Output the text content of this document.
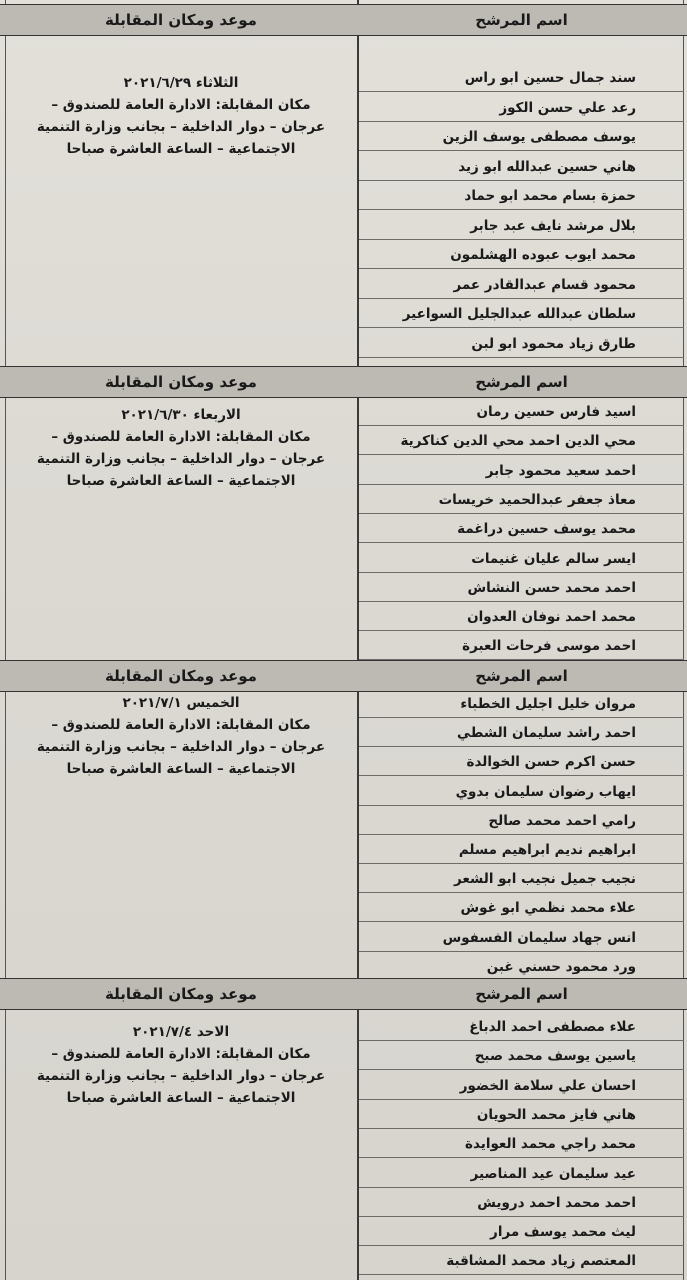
اسم المرشح
موعد ومكان المقابلة
سند جمال حسين ابو راس
رعد علي حسن الكوز
يوسف مصطفى يوسف الزين
هاني حسين عبدالله ابو زيد
حمزة بسام محمد ابو حماد
بلال مرشد نايف عبد جابر
محمد ايوب عبوده الهشلمون
محمود قسام عبدالقادر عمر
سلطان عبدالله عبدالجليل السواعير
طارق زياد محمود ابو لبن
الثلاثاء ٢٠٢١/٦/٢٩
مكان المقابلة: الادارة العامة للصندوق –
عرجان – دوار الداخلية – بجانب وزارة التنمية
الاجتماعية – الساعة العاشرة صباحا
اسم المرشح
موعد ومكان المقابلة
اسيد فارس حسين رمان
محي الدين احمد محي الدين كناكرية
احمد سعيد محمود جابر
معاذ جعفر عبدالحميد خريسات
محمد يوسف حسين دراغمة
ايسر سالم عليان غنيمات
احمد محمد حسن النشاش
محمد احمد نوفان العدوان
احمد موسى فرحات العبرة
الاربعاء ٢٠٢١/٦/٣٠
مكان المقابلة: الادارة العامة للصندوق –
عرجان – دوار الداخلية – بجانب وزارة التنمية
الاجتماعية – الساعة العاشرة صباحا
اسم المرشح
موعد ومكان المقابلة
مروان خليل اجليل الخطباء
احمد راشد سليمان الشطي
حسن اكرم حسن الخوالدة
ايهاب رضوان سليمان بدوي
رامي احمد محمد صالح
ابراهيم نديم ابراهيم مسلم
نجيب جميل نجيب ابو الشعر
علاء محمد نظمي ابو غوش
انس جهاد سليمان الفسفوس
ورد محمود حسني غبن
الخميس ٢٠٢١/٧/١
مكان المقابلة: الادارة العامة للصندوق –
عرجان – دوار الداخلية – بجانب وزارة التنمية
الاجتماعية – الساعة العاشرة صباحا
اسم المرشح
موعد ومكان المقابلة
علاء مصطفى احمد الدباغ
ياسين يوسف محمد صبح
احسان علي سلامة الخضور
هاني فايز محمد الحويان
محمد راجي محمد العوايدة
عيد سليمان عيد المناصير
احمد محمد احمد درويش
ليث محمد يوسف مرار
المعتصم زياد محمد المشاقبة
الاحد ٢٠٢١/٧/٤
مكان المقابلة: الادارة العامة للصندوق –
عرجان – دوار الداخلية – بجانب وزارة التنمية
الاجتماعية – الساعة العاشرة صباحا
